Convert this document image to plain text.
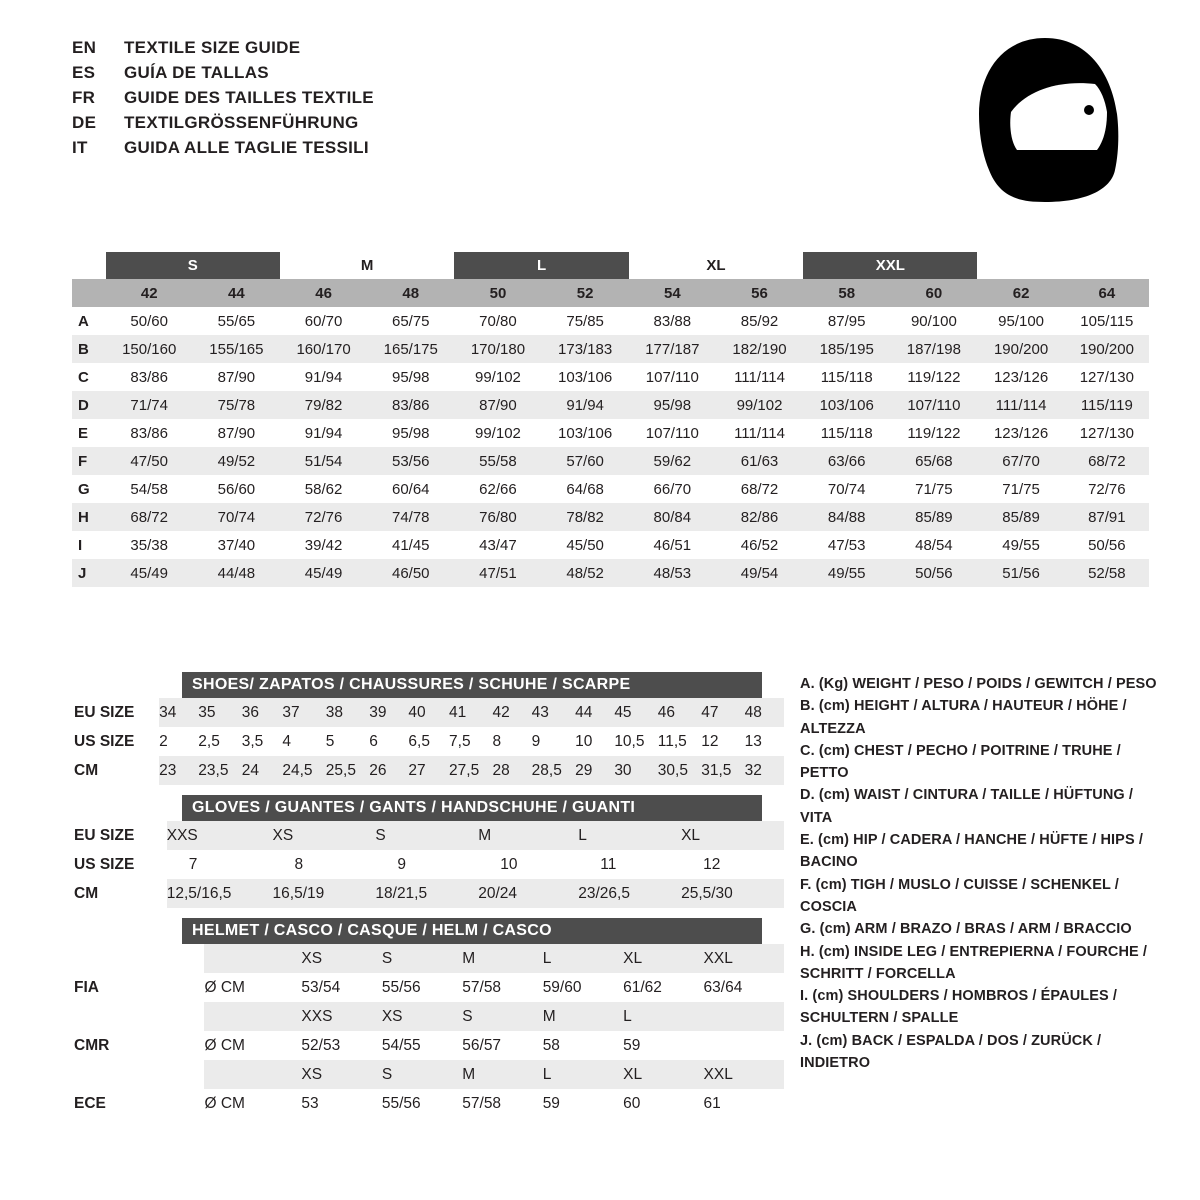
EN	TEXTILE SIZE GUIDE
ES	GUÍA DE TALLAS
FR	GUIDE DES TAILLES TEXTILE
DE	TEXTILGRÖSSENFÜHRUNG
IT	GUIDA ALLE TAGLIE TESSILI
	S		M		L		XL		XXL			
	42	44	46	48	50	52	54	56	58	60	62	64
A	50/60	55/65	60/70	65/75	70/80	75/85	83/88	85/92	87/95	90/100	95/100	105/115
B	150/160	155/165	160/170	165/175	170/180	173/183	177/187	182/190	185/195	187/198	190/200	190/200
C	83/86	87/90	91/94	95/98	99/102	103/106	107/110	111/114	115/118	119/122	123/126	127/130
D	71/74	75/78	79/82	83/86	87/90	91/94	95/98	99/102	103/106	107/110	111/114	115/119
E	83/86	87/90	91/94	95/98	99/102	103/106	107/110	111/114	115/118	119/122	123/126	127/130
F	47/50	49/52	51/54	53/56	55/58	57/60	59/62	61/63	63/66	65/68	67/70	68/72
G	54/58	56/60	58/62	60/64	62/66	64/68	66/70	68/72	70/74	71/75	71/75	72/76
H	68/72	70/74	72/76	74/78	76/80	78/82	80/84	82/86	84/88	85/89	85/89	87/91
I	35/38	37/40	39/42	41/45	43/47	45/50	46/51	46/52	47/53	48/54	49/55	50/56
J	45/49	44/48	45/49	46/50	47/51	48/52	48/53	49/54	49/55	50/56	51/56	52/58
SHOES/ ZAPATOS / CHAUSSURES / SCHUHE / SCARPE
EU SIZE	34	35	36	37	38	39	40	41	42	43	44	45	46	47	48
US SIZE	2	2,5	3,5	4	5	6	6,5	7,5	8	9	10	10,5	11,5	12	13
CM	23	23,5	24	24,5	25,5	26	27	27,5	28	28,5	29	30	30,5	31,5	32
GLOVES / GUANTES / GANTS / HANDSCHUHE / GUANTI
EU SIZE	XXS	XS	S	M	L	XL
US SIZE	7	8	9	10	11	12
CM	12,5/16,5	16,5/19	18/21,5	20/24	23/26,5	25,5/30
HELMET / CASCO / CASQUE / HELM / CASCO
		XS	S	M	L	XL	XXL
FIA	Ø CM	53/54	55/56	57/58	59/60	61/62	63/64
		XXS	XS	S	M	L	
CMR	Ø CM	52/53	54/55	56/57	58	59	
		XS	S	M	L	XL	XXL
ECE	Ø CM	53	55/56	57/58	59	60	61

A. (Kg) WEIGHT / PESO / POIDS / GEWITCH / PESO

B. (cm) HEIGHT / ALTURA / HAUTEUR / HÖHE / ALTEZZA

C. (cm) CHEST / PECHO / POITRINE / TRUHE / PETTO

D. (cm) WAIST / CINTURA / TAILLE / HÜFTUNG / VITA

E. (cm) HIP / CADERA / HANCHE / HÜFTE / HIPS / BACINO

F. (cm) TIGH / MUSLO / CUISSE / SCHENKEL / COSCIA

G. (cm) ARM / BRAZO / BRAS / ARM / BRACCIO

H. (cm) INSIDE LEG / ENTREPIERNA / FOURCHE /

SCHRITT / FORCELLA

I. (cm) SHOULDERS / HOMBROS / ÉPAULES /

SCHULTERN / SPALLE

J. (cm) BACK / ESPALDA / DOS / ZURÜCK / INDIETRO
